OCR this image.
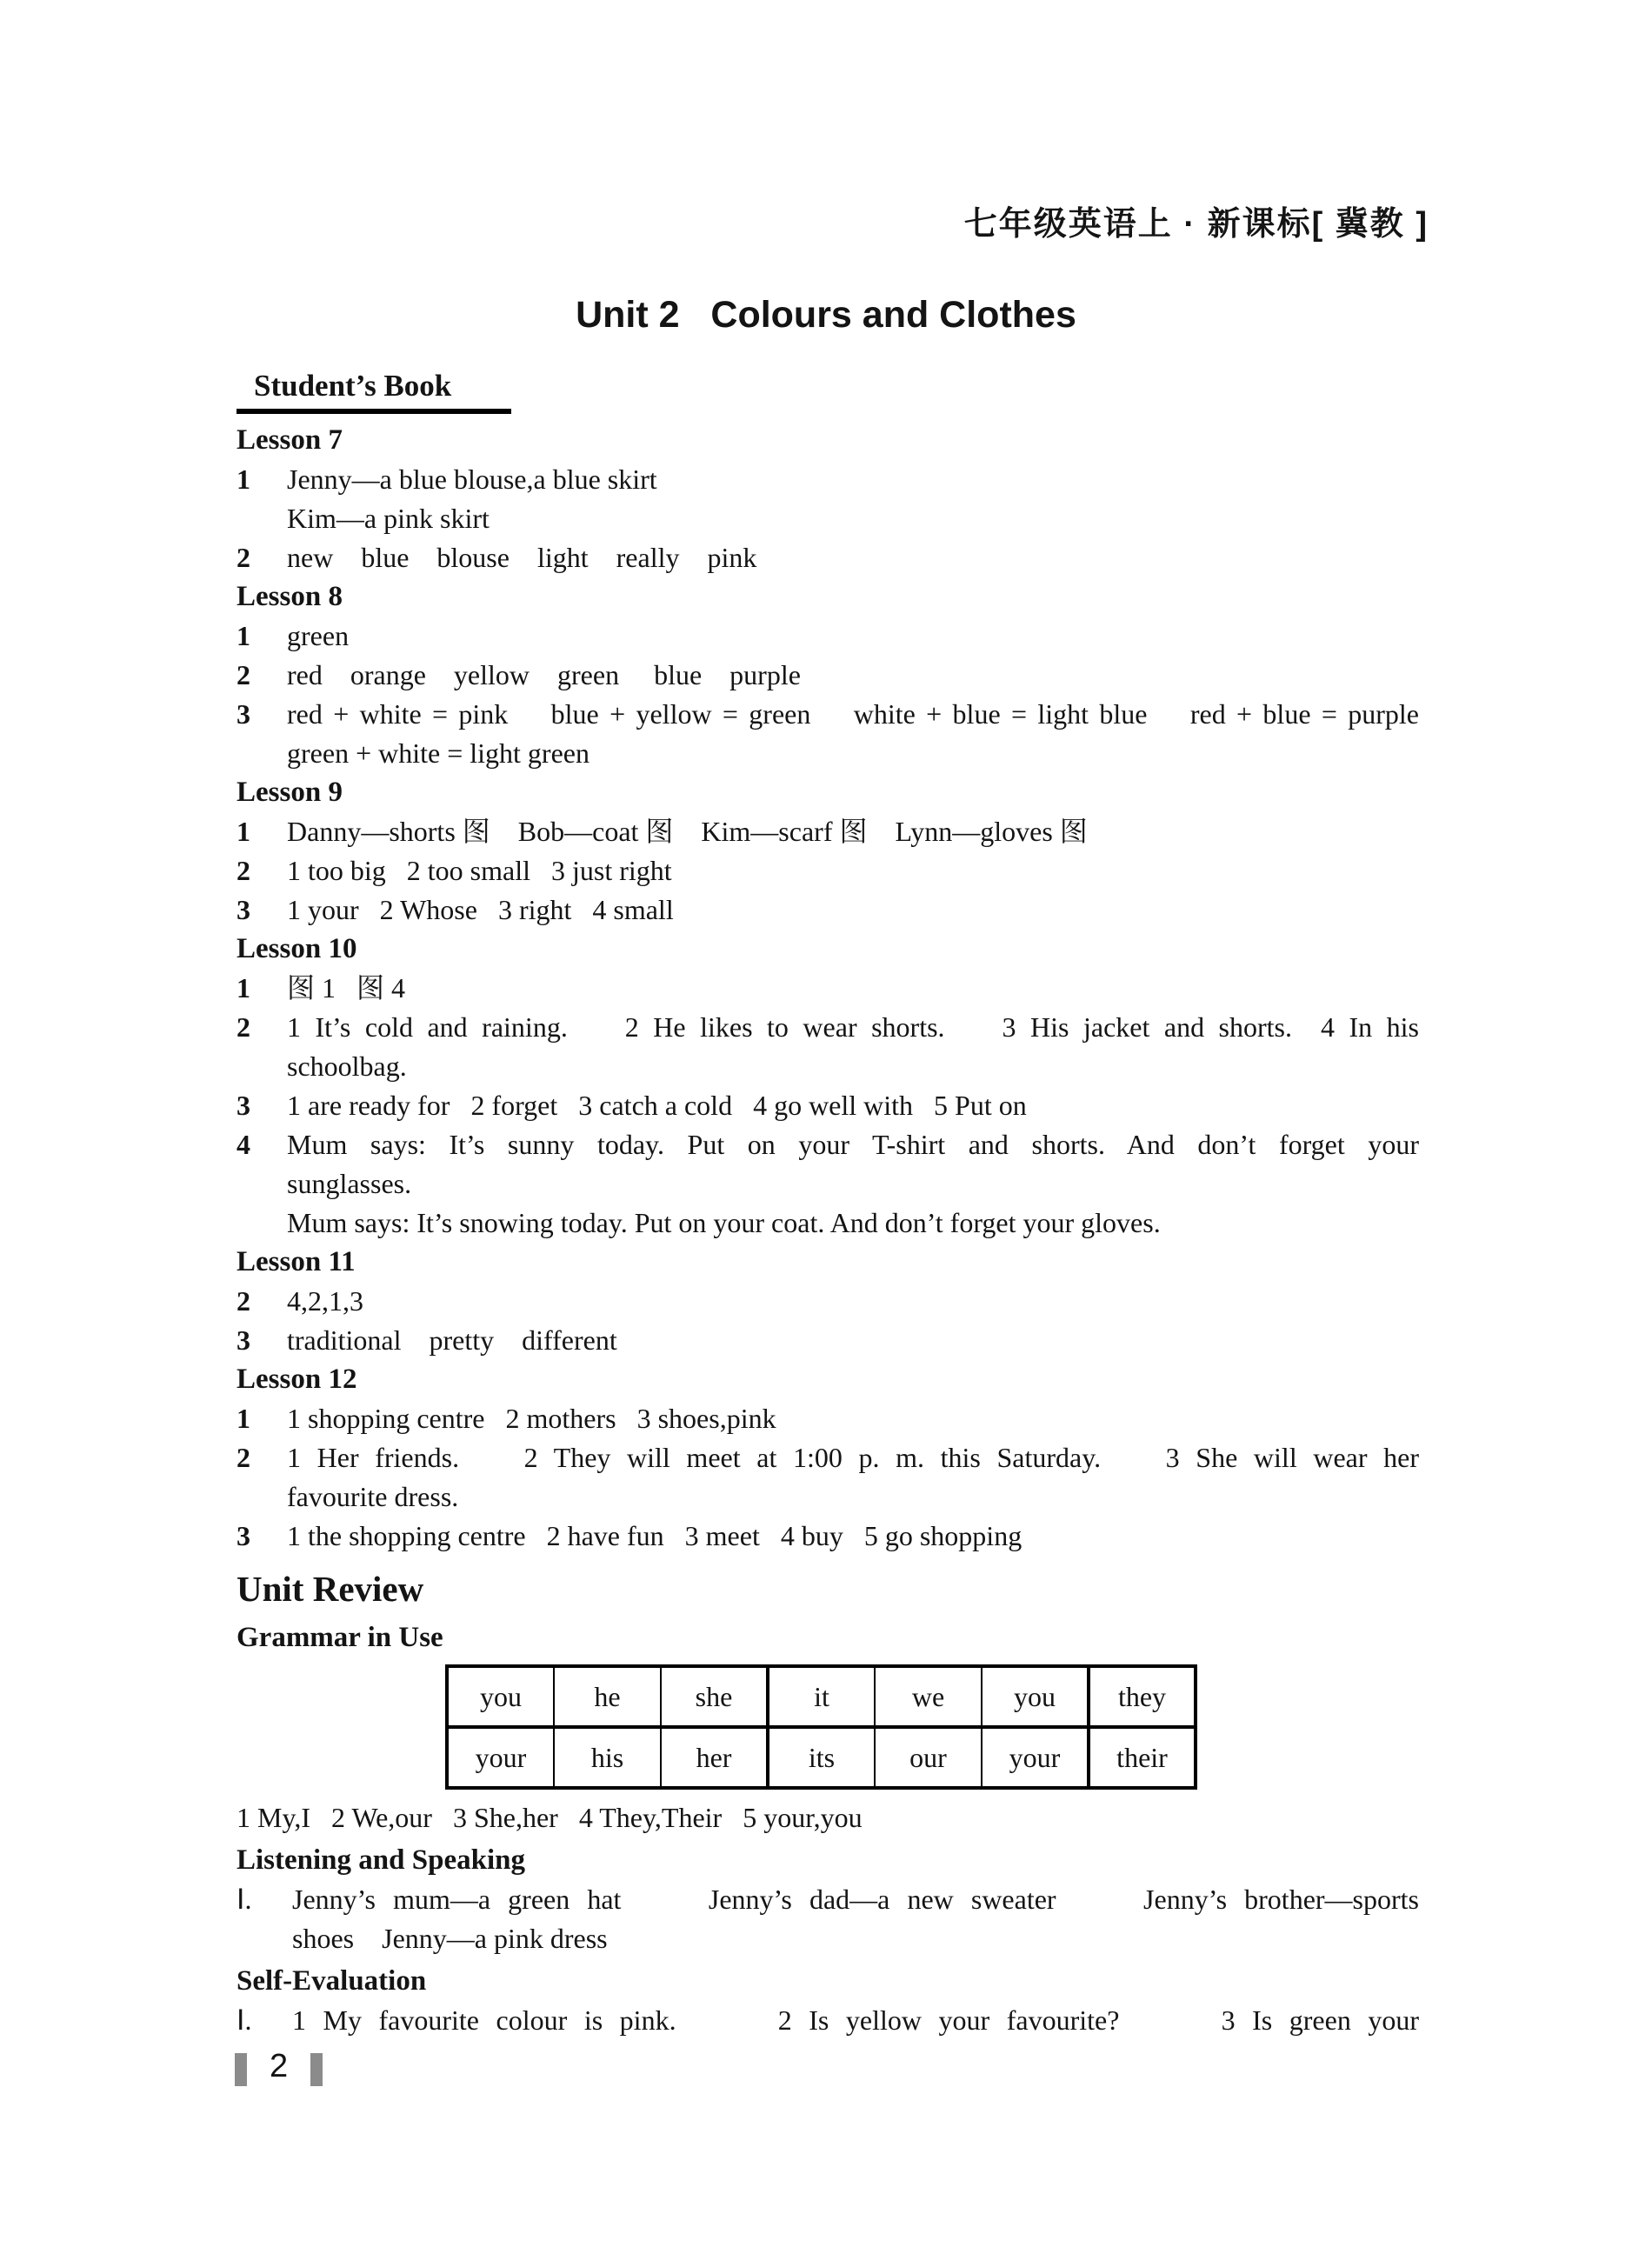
七年级英语上 · 新课标[ 冀教 ]
Unit 2   Colours and Clothes
Student’s Book
Lesson 7
1	Jenny—a blue blouse,a blue skirt
Kim—a pink skirt
2	new    blue    blouse    light    really    pink
Lesson 8
1	green
2	red    orange    yellow    green     blue    purple
3	red + white = pink    blue + yellow = green    white + blue = light blue    red + blue = purple
green + white = light green
Lesson 9
1	Danny—shorts 图    Bob—coat 图    Kim—scarf 图    Lynn—gloves 图
2	1 too big   2 too small   3 just right
3	1 your   2 Whose   3 right   4 small
Lesson 10
1	图 1   图 4
2	1 It’s cold and raining.    2 He likes to wear shorts.    3 His jacket and shorts.  4 In his
schoolbag.
3	1 are ready for   2 forget   3 catch a cold   4 go well with   5 Put on
4	Mum says: It’s sunny today. Put on your T-shirt and shorts. And don’t forget your
sunglasses.
Mum says: It’s snowing today. Put on your coat. And don’t forget your gloves.
Lesson 11
2	4,2,1,3
3	traditional    pretty    different
Lesson 12
1	1 shopping centre   2 mothers   3 shoes,pink
2	1 Her friends.    2 They will meet at 1:00 p. m. this Saturday.    3 She will wear her
favourite dress.
3	1 the shopping centre   2 have fun   3 meet   4 buy   5 go shopping
Unit Review
Grammar in Use
you	he	she	it	we	you	they
your	his	her	its	our	your	their
1 My,I   2 We,our   3 She,her   4 They,Their   5 your,you
Listening and Speaking
Ⅰ.	Jenny’s mum—a green hat     Jenny’s dad—a new sweater     Jenny’s brother—sports
shoes    Jenny—a pink dress
Self-Evaluation
Ⅰ.	1 My favourite colour is pink.      2 Is yellow your favourite?      3 Is green your
2
